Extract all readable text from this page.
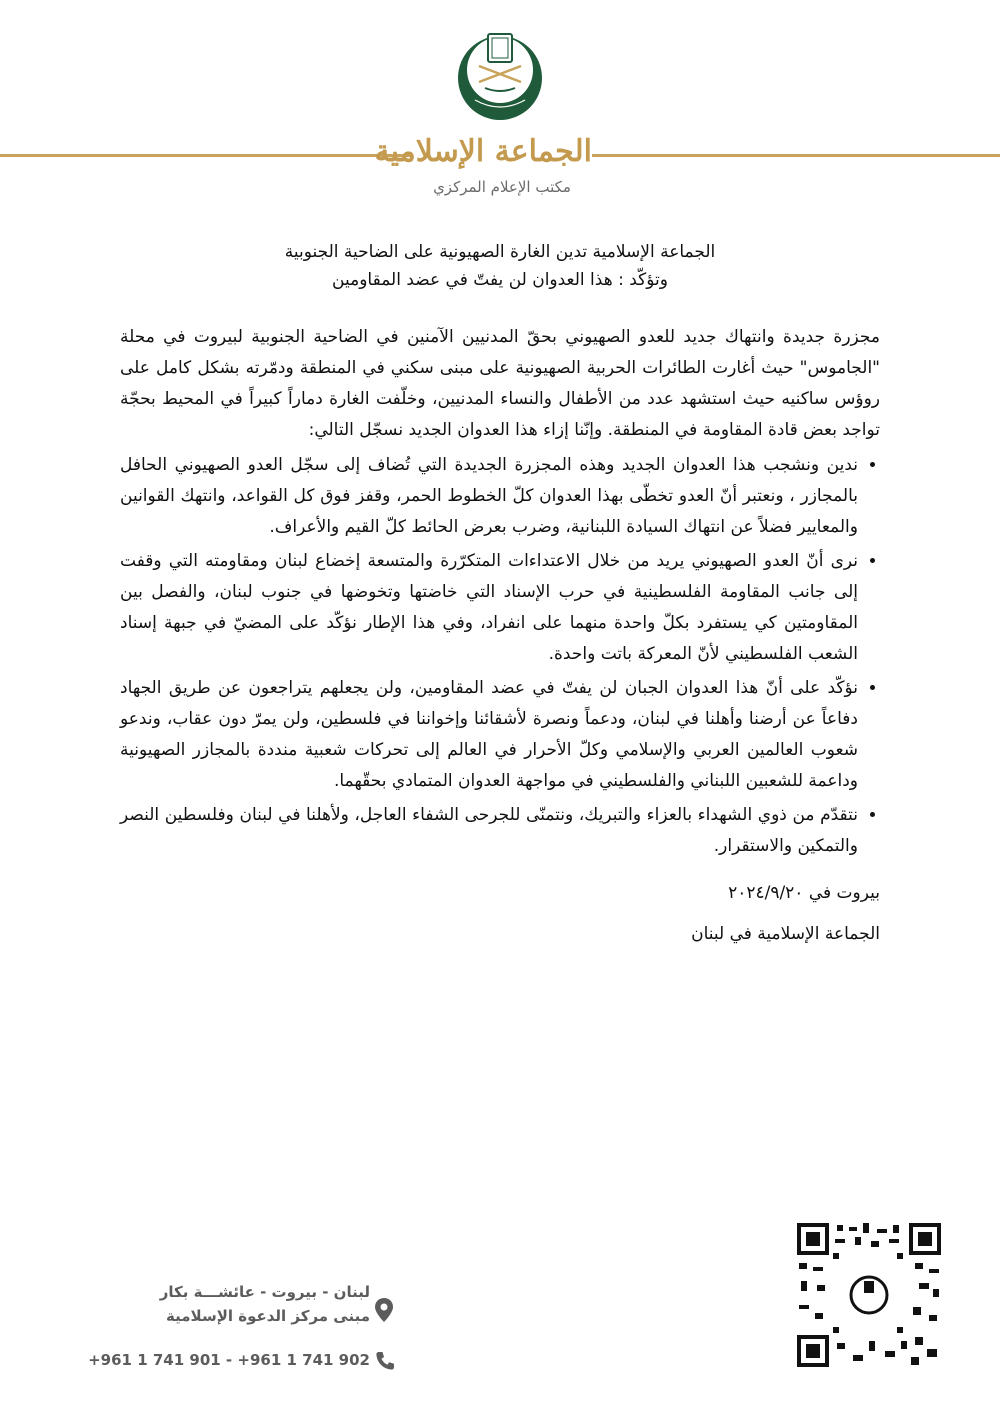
الجماعة الإسلامية
مكتب الإعلام المركزي
الجماعة الإسلامية تدين الغارة الصهيونية على الضاحية الجنوبية
وتؤكّد : هذا العدوان لن يفتّ في عضد المقاومين

مجزرة جديدة وانتهاك جديد للعدو الصهيوني بحقّ المدنيين الآمنين في الضاحية الجنوبية لبيروت في محلة "الجاموس" حيث أغارت الطائرات الحربية الصهيونية على مبنى سكني في المنطقة ودمّرته بشكل كامل على روؤس ساكنيه حيث استشهد عدد من الأطفال والنساء المدنيين، وخلّفت الغارة دماراً كبيراً في المحيط بحجّة تواجد بعض قادة المقاومة في المنطقة. وإنّنا إزاء هذا العدوان الجديد نسجّل التالي:

• ندين ونشجب هذا العدوان الجديد وهذه المجزرة الجديدة التي تُضاف إلى سجّل العدو الصهيوني الحافل بالمجازر ، ونعتبر أنّ العدو تخطّى بهذا العدوان كلّ الخطوط الحمر، وقفز فوق كل القواعد، وانتهك القوانين والمعايير فضلاً عن انتهاك السيادة اللبنانية، وضرب بعرض الحائط كلّ القيم والأعراف.
• نرى أنّ العدو الصهيوني يريد من خلال الاعتداءات المتكرّرة والمتسعة إخضاع لبنان ومقاومته التي وقفت إلى جانب المقاومة الفلسطينية في حرب الإسناد التي خاضتها وتخوضها في جنوب لبنان، والفصل بين المقاومتين كي يستفرد بكلّ واحدة منهما على انفراد، وفي هذا الإطار نؤكّد على المضيّ في جبهة إسناد الشعب الفلسطيني لأنّ المعركة باتت واحدة.
• نؤكّد على أنّ هذا العدوان الجبان لن يفتّ في عضد المقاومين، ولن يجعلهم يتراجعون عن طريق الجهاد دفاعاً عن أرضنا وأهلنا في لبنان، ودعماً ونصرة لأشقائنا وإخواننا في فلسطين، ولن يمرّ دون عقاب، وندعو شعوب العالمين العربي والإسلامي وكلّ الأحرار في العالم إلى تحركات شعبية منددة بالمجازر الصهيونية وداعمة للشعبين اللبناني والفلسطيني في مواجهة العدوان المتمادي بحقّهما.
• نتقدّم من ذوي الشهداء بالعزاء والتبريك، ونتمنّى للجرحى الشفاء العاجل، ولأهلنا في لبنان وفلسطين النصر والتمكين والاستقرار.

بيروت في ٢٠٢٤/٩/٢٠

الجماعة الإسلامية في لبنان

لبنان - بيروت - عائشـــة بكار
مبنى مركز الدعوة الإسلامية
+961 1 741 901 - +961 1 741 902
